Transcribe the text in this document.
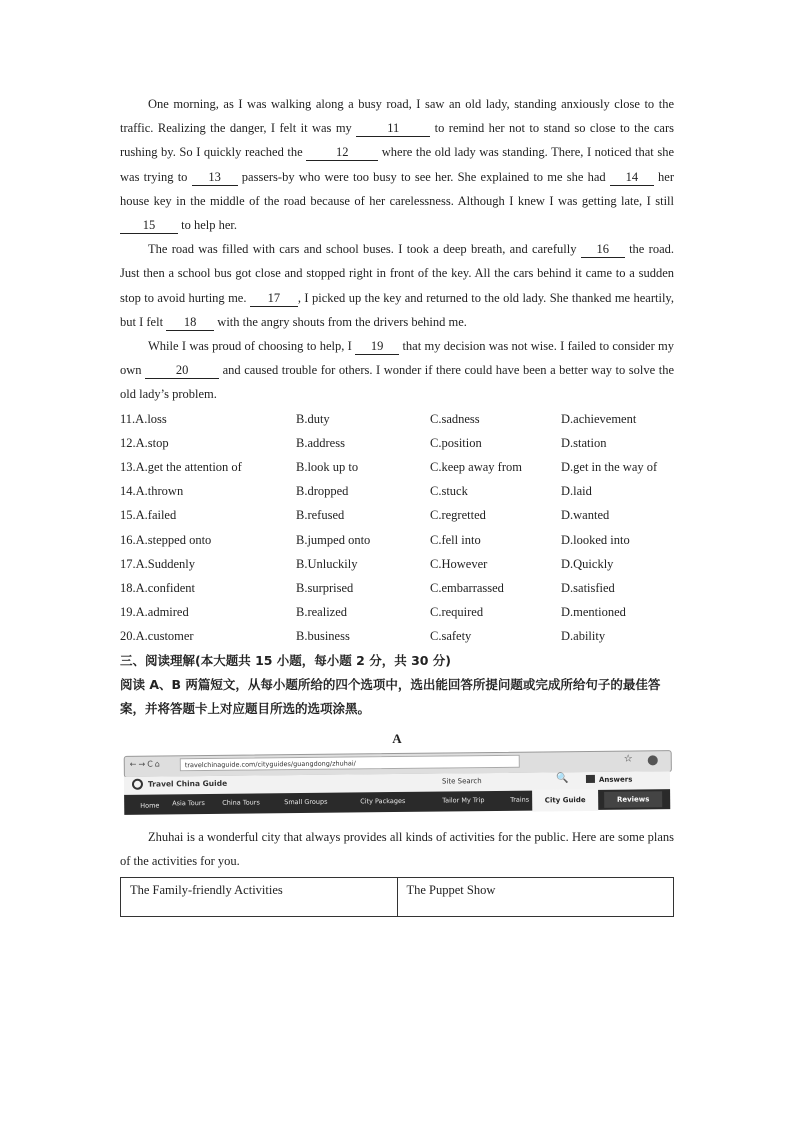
One morning, as I was walking along a busy road, I saw an old lady, standing anxiously close to the traffic. Realizing the danger, I felt it was my 11 to remind her not to stand so close to the cars rushing by. So I quickly reached the 12 where the old lady was standing. There, I noticed that she was trying to 13 passers-by who were too busy to see her. She explained to me she had 14 her house key in the middle of the road because of her carelessness. Although I knew I was getting late, I still 15 to help her.

The road was filled with cars and school buses. I took a deep breath, and carefully 16 the road. Just then a school bus got close and stopped right in front of the key. All the cars behind it came to a sudden stop to avoid hurting me. 17 , I picked up the key and returned to the old lady. She thanked me heartily, but I felt 18 with the angry shouts from the drivers behind me.

While I was proud of choosing to help, I 19 that my decision was not wise. I failed to consider my own 20 and caused trouble for others. I wonder if there could have been a better way to solve the old lady’s problem.

11.A.loss	B.duty	C.sadness	D.achievement
12.A.stop	B.address	C.position	D.station
13.A.get the attention of	B.look up to	C.keep away from	D.get in the way of
14.A.thrown	B.dropped	C.stuck	D.laid
15.A.failed	B.refused	C.regretted	D.wanted
16.A.stepped onto	B.jumped onto	C.fell into	D.looked into
17.A.Suddenly	B.Unluckily	C.However	D.Quickly
18.A.confident	B.surprised	C.embarrassed	D.satisfied
19.A.admired	B.realized	C.required	D.mentioned
20.A.customer	B.business	C.safety	D.ability

三、阅读理解(本大题共 15 小题，每小题 2 分，共 30 分)

阅读 A、B 两篇短文，从每小题所给的四个选项中，选出能回答所提问题或完成所给句子的最佳答案，并将答题卡上对应题目所选的选项涂黑。

A
←→C⌂	travelchinaguide.com/cityguides/guangdong/zhuhai/	☆
Travel China Guide	Site Search	🔍	Answers
Home Asia Tours	China Tours	Small Groups	City Packages	Tailor My Trip	Trains	City Guide	Reviews

Zhuhai is a wonderful city that always provides all kinds of activities for the public. Here are some plans of the activities for you.

The Family-friendly Activities	The Puppet Show
